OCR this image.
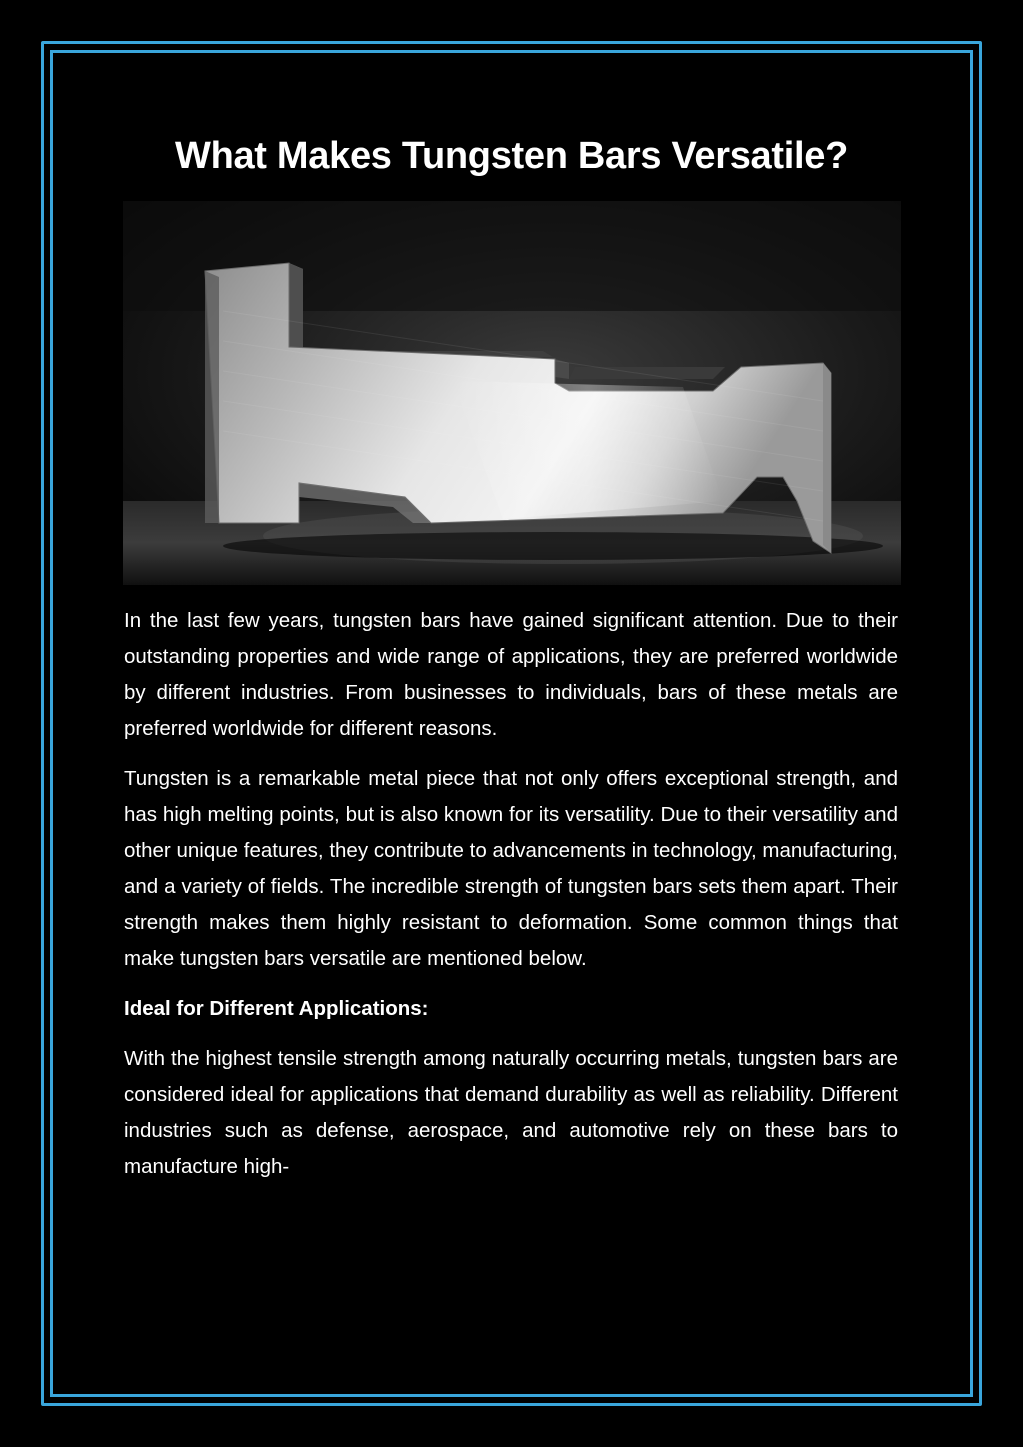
What Makes Tungsten Bars Versatile?

In the last few years, tungsten bars have gained significant attention. Due to their outstanding properties and wide range of applications, they are preferred worldwide by different industries. From businesses to individuals, bars of these metals are preferred worldwide for different reasons.

Tungsten is a remarkable metal piece that not only offers exceptional strength, and has high melting points, but is also known for its versatility. Due to their versatility and other unique features, they contribute to advancements in technology, manufacturing, and a variety of fields. The incredible strength of tungsten bars sets them apart. Their strength makes them highly resistant to deformation. Some common things that make tungsten bars versatile are mentioned below.

Ideal for Different Applications:

With the highest tensile strength among naturally occurring metals, tungsten bars are considered ideal for applications that demand durability as well as reliability. Different industries such as defense, aerospace, and automotive rely on these bars to manufacture high-
